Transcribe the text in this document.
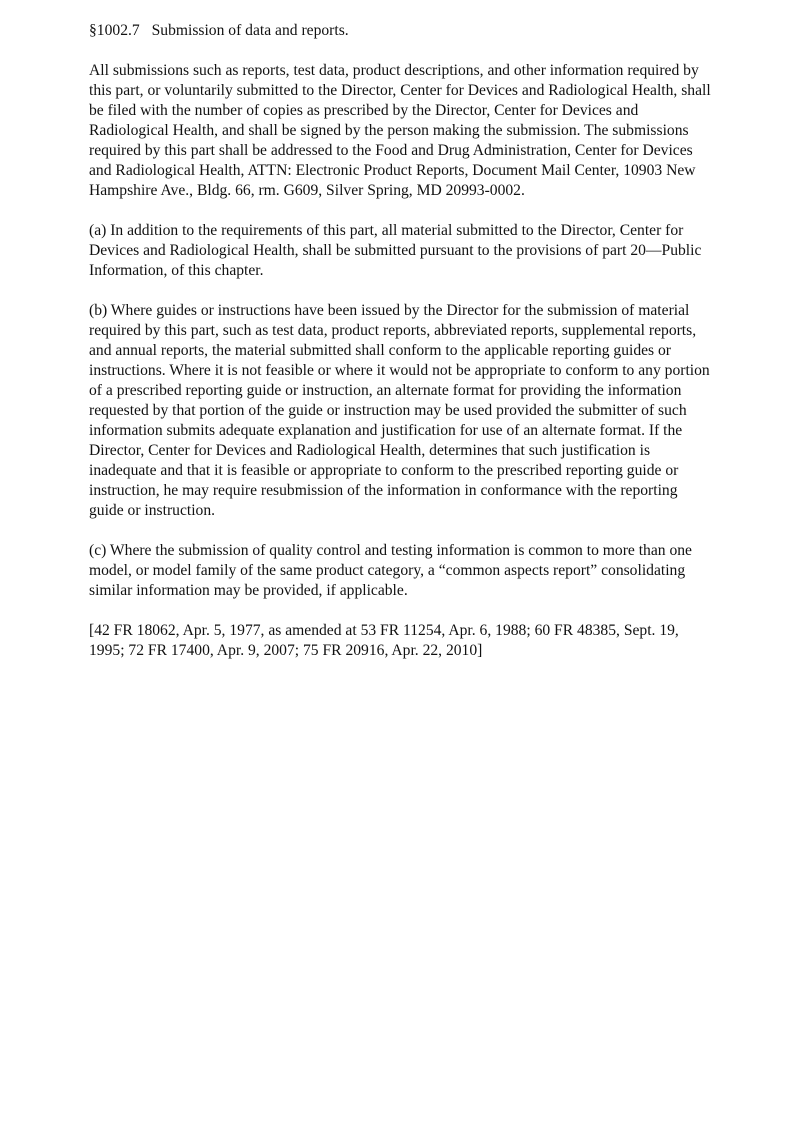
§1002.7 Submission of data and reports.

All submissions such as reports, test data, product descriptions, and other information required by this part, or voluntarily submitted to the Director, Center for Devices and Radiological Health, shall be filed with the number of copies as prescribed by the Director, Center for Devices and Radiological Health, and shall be signed by the person making the submission. The submissions required by this part shall be addressed to the Food and Drug Administration, Center for Devices and Radiological Health, ATTN: Electronic Product Reports, Document Mail Center, 10903 New Hampshire Ave., Bldg. 66, rm. G609, Silver Spring, MD 20993-0002.

(a) In addition to the requirements of this part, all material submitted to the Director, Center for Devices and Radiological Health, shall be submitted pursuant to the provisions of part 20—Public Information, of this chapter.

(b) Where guides or instructions have been issued by the Director for the submission of material required by this part, such as test data, product reports, abbreviated reports, supplemental reports, and annual reports, the material submitted shall conform to the applicable reporting guides or instructions. Where it is not feasible or where it would not be appropriate to conform to any portion of a prescribed reporting guide or instruction, an alternate format for providing the information requested by that portion of the guide or instruction may be used provided the submitter of such information submits adequate explanation and justification for use of an alternate format. If the Director, Center for Devices and Radiological Health, determines that such justification is inadequate and that it is feasible or appropriate to conform to the prescribed reporting guide or instruction, he may require resubmission of the information in conformance with the reporting guide or instruction.

(c) Where the submission of quality control and testing information is common to more than one model, or model family of the same product category, a “common aspects report” consolidating similar information may be provided, if applicable.

[42 FR 18062, Apr. 5, 1977, as amended at 53 FR 11254, Apr. 6, 1988; 60 FR 48385, Sept. 19, 1995; 72 FR 17400, Apr. 9, 2007; 75 FR 20916, Apr. 22, 2010]
